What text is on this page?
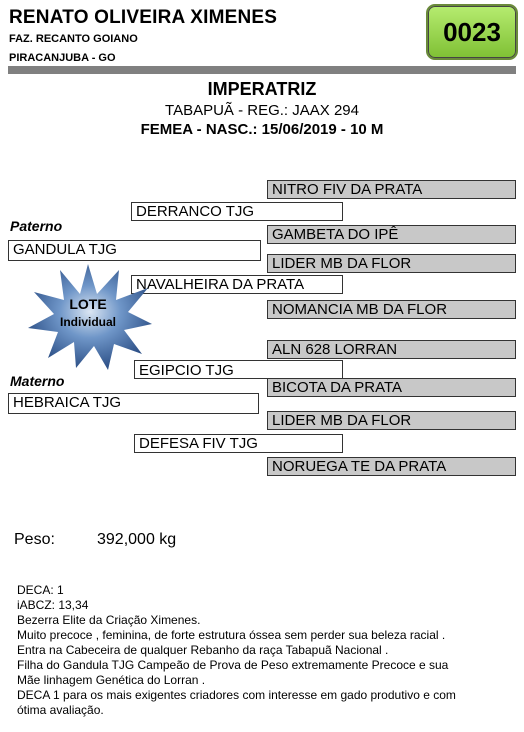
RENATO OLIVEIRA XIMENES
FAZ. RECANTO GOIANO
PIRACANJUBA - GO
0023
IMPERATRIZ
TABAPUÃ - REG.: JAAX 294
FEMEA - NASC.: 15/06/2019 - 10 M
NITRO FIV DA PRATA
GAMBETA DO IPÊ
LIDER MB DA FLOR
NOMANCIA MB DA FLOR
ALN 628 LORRAN
BICOTA DA PRATA
LIDER MB DA FLOR
NORUEGA TE DA PRATA
DERRANCO TJG
NAVALHEIRA DA PRATA
EGIPCIO TJG
DEFESA FIV TJG
Paterno
GANDULA TJG
Materno
HEBRAICA TJG
LOTE
Individual
Peso:	392,000 kg
DECA: 1
iABCZ: 13,34
Bezerra Elite da Criação Ximenes.
Muito precoce , feminina, de forte estrutura óssea sem perder sua beleza racial .
Entra na Cabeceira de qualquer Rebanho da raça Tabapuã Nacional .
Filha do Gandula TJG Campeão de Prova de Peso extremamente Precoce e sua
Mãe linhagem Genética do Lorran .
DECA 1 para os mais exigentes criadores com interesse em gado produtivo e com
ótima avaliação.
